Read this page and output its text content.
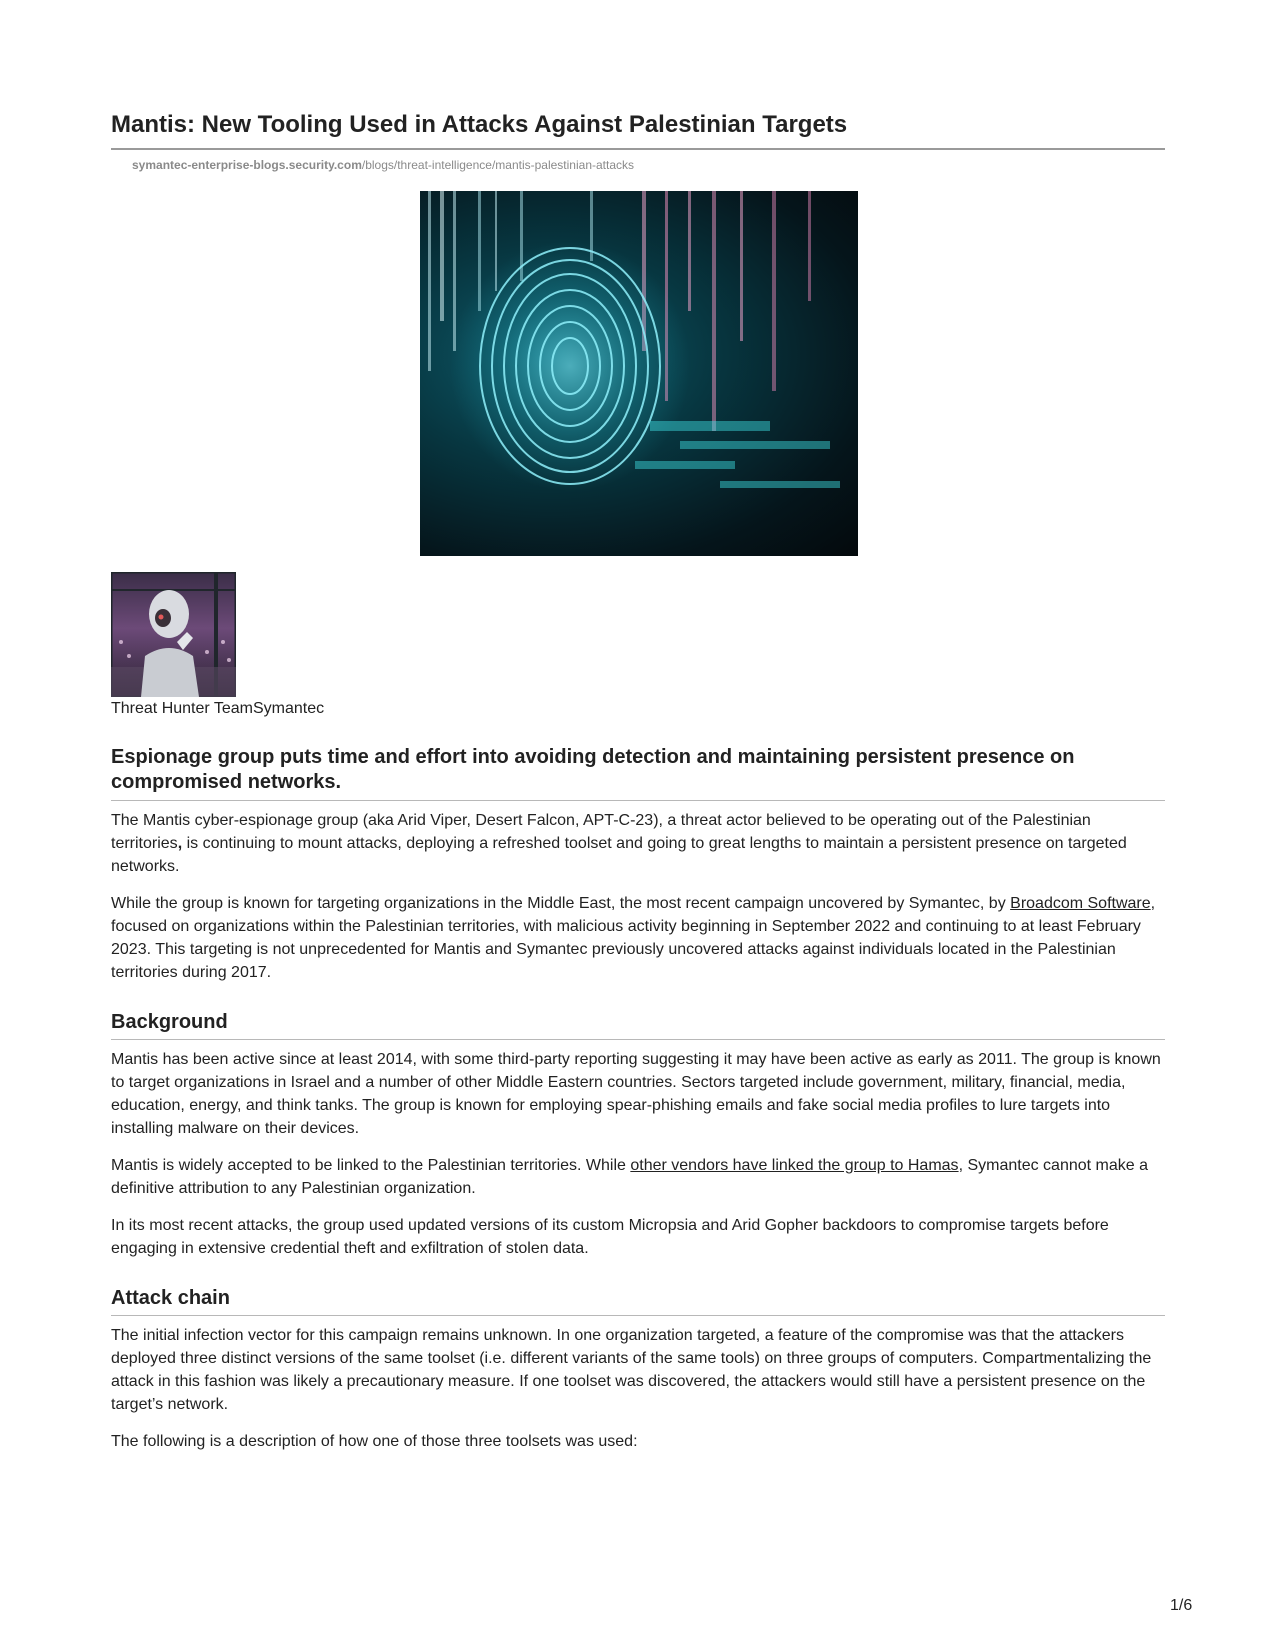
Mantis: New Tooling Used in Attacks Against Palestinian Targets
symantec-enterprise-blogs.security.com/blogs/threat-intelligence/mantis-palestinian-attacks
Threat Hunter TeamSymantec
Espionage group puts time and effort into avoiding detection and maintaining persistent presence on compromised networks.

The Mantis cyber-espionage group (aka Arid Viper, Desert Falcon, APT-C-23), a threat actor believed to be operating out of the Palestinian territories, is continuing to mount attacks, deploying a refreshed toolset and going to great lengths to maintain a persistent presence on targeted networks.

While the group is known for targeting organizations in the Middle East, the most recent campaign uncovered by Symantec, by Broadcom Software, focused on organizations within the Palestinian territories, with malicious activity beginning in September 2022 and continuing to at least February 2023. This targeting is not unprecedented for Mantis and Symantec previously uncovered attacks against individuals located in the Palestinian territories during 2017.

Background

Mantis has been active since at least 2014, with some third-party reporting suggesting it may have been active as early as 2011. The group is known to target organizations in Israel and a number of other Middle Eastern countries. Sectors targeted include government, military, financial, media, education, energy, and think tanks. The group is known for employing spear-phishing emails and fake social media profiles to lure targets into installing malware on their devices.

Mantis is widely accepted to be linked to the Palestinian territories. While other vendors have linked the group to Hamas, Symantec cannot make a definitive attribution to any Palestinian organization.

In its most recent attacks, the group used updated versions of its custom Micropsia and Arid Gopher backdoors to compromise targets before engaging in extensive credential theft and exfiltration of stolen data.

Attack chain

The initial infection vector for this campaign remains unknown. In one organization targeted, a feature of the compromise was that the attackers deployed three distinct versions of the same toolset (i.e. different variants of the same tools) on three groups of computers. Compartmentalizing the attack in this fashion was likely a precautionary measure. If one toolset was discovered, the attackers would still have a persistent presence on the target’s network.

The following is a description of how one of those three toolsets was used:

1/6
